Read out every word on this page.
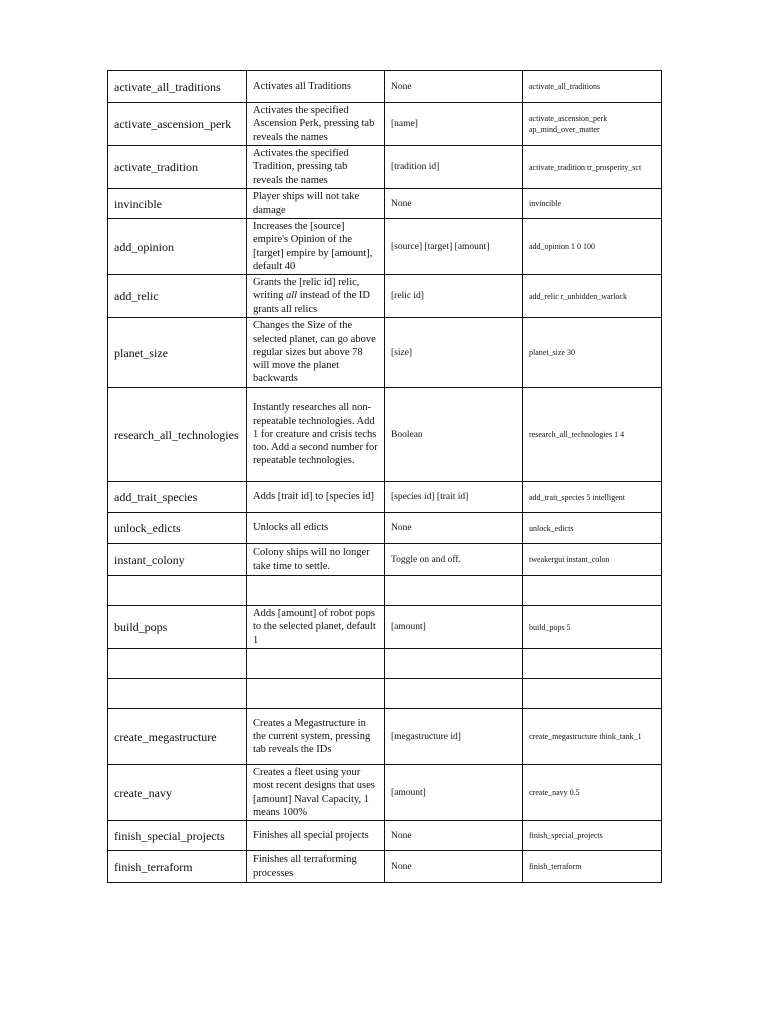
activate_all_traditions	Activates all Traditions	None	activate_all_traditions
activate_ascension_perk	Activates the specified Ascension Perk, pressing tab reveals the names	[name]	activate_ascension_perk ap_mind_over_matter
activate_tradition	Activates the specified Tradition, pressing tab reveals the names	[tradition id]	activate_tradition tr_prosperity_sct
invincible	Player ships will not take damage	None	invincible
add_opinion	Increases the [source] empire's Opinion of the [target] empire by [amount], default 40	[source] [target] [amount]	add_opinion 1 0 100
add_relic	Grants the [relic id] relic, writing all instead of the ID grants all relics	[relic id]	add_relic r_unbidden_warlock
planet_size	Changes the Size of the selected planet, can go above regular sizes but above 78 will move the planet backwards	[size]	planet_size 30
research_all_technologies	Instantly researches all non-repeatable technologies. Add 1 for creature and crisis techs too. Add a second number for repeatable technologies.	Boolean	research_all_technologies 1 4
add_trait_species	Adds [trait id] to [species id]	[species id] [trait id]	add_trait_species 5 intelligent
unlock_edicts	Unlocks all edicts	None	unlock_edicts
instant_colony	Colony ships will no longer take time to settle.	Toggle on and off.	tweakergui instant_colon

build_pops	Adds [amount] of robot pops to the selected planet, default 1	[amount]	build_pops 5

create_megastructure	Creates a Megastructure in the current system, pressing tab reveals the IDs	[megastructure id]	create_megastructure think_tank_1
create_navy	Creates a fleet using your most recent designs that uses [amount] Naval Capacity, 1 means 100%	[amount]	create_navy 0.5
finish_special_projects	Finishes all special projects	None	finish_special_projects
finish_terraform	Finishes all terraforming processes	None	finish_terraform
